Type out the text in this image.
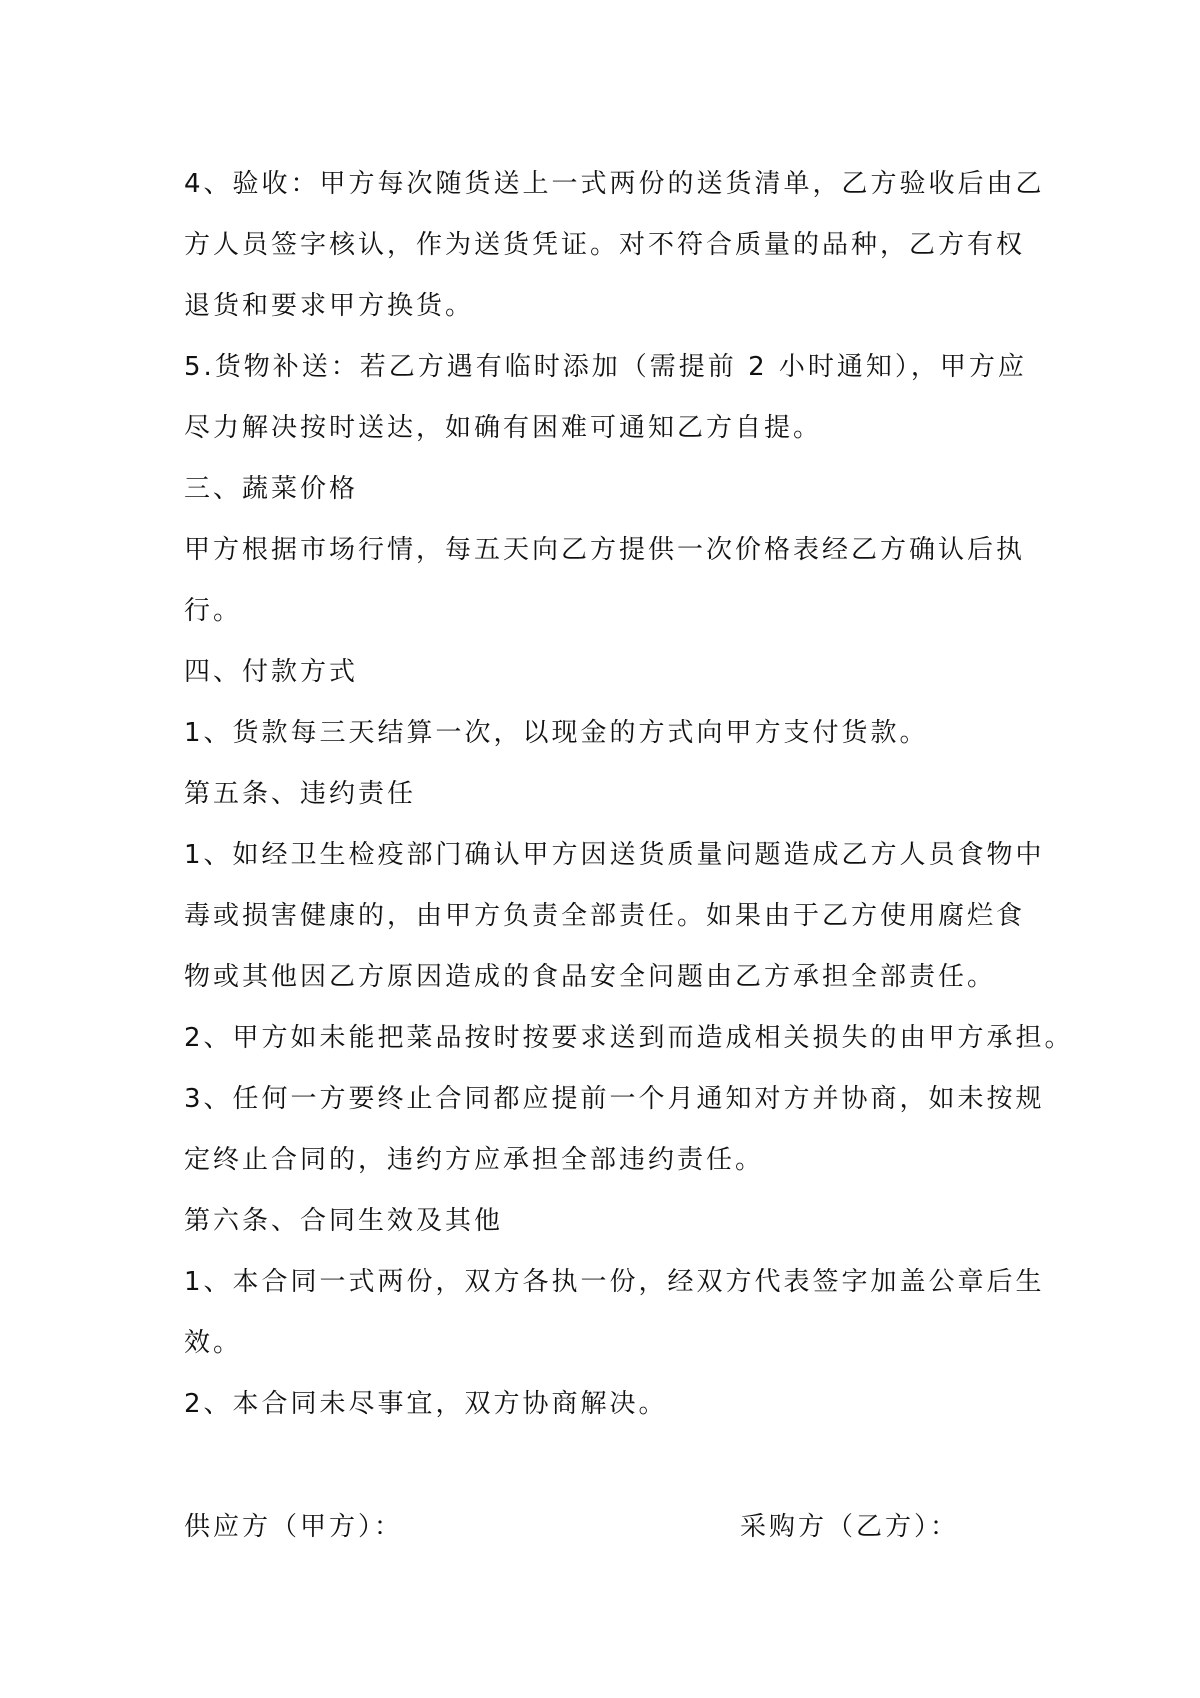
4、验收：甲方每次随货送上一式两份的送货清单，乙方验收后由乙
方人员签字核认，作为送货凭证。对不符合质量的品种，乙方有权
退货和要求甲方换货。
5.货物补送：若乙方遇有临时添加（需提前 2 小时通知），甲方应
尽力解决按时送达，如确有困难可通知乙方自提。
三、蔬菜价格
甲方根据市场行情，每五天向乙方提供一次价格表经乙方确认后执
行。
四、付款方式
1、货款每三天结算一次，以现金的方式向甲方支付货款。
第五条、违约责任
1、如经卫生检疫部门确认甲方因送货质量问题造成乙方人员食物中
毒或损害健康的，由甲方负责全部责任。如果由于乙方使用腐烂食
物或其他因乙方原因造成的食品安全问题由乙方承担全部责任。
2、甲方如未能把菜品按时按要求送到而造成相关损失的由甲方承担。
3、任何一方要终止合同都应提前一个月通知对方并协商，如未按规
定终止合同的，违约方应承担全部违约责任。
第六条、合同生效及其他
1、本合同一式两份，双方各执一份，经双方代表签字加盖公章后生
效。
2、本合同未尽事宜，双方协商解决。
供应方（甲方）：	采购方（乙方）：
